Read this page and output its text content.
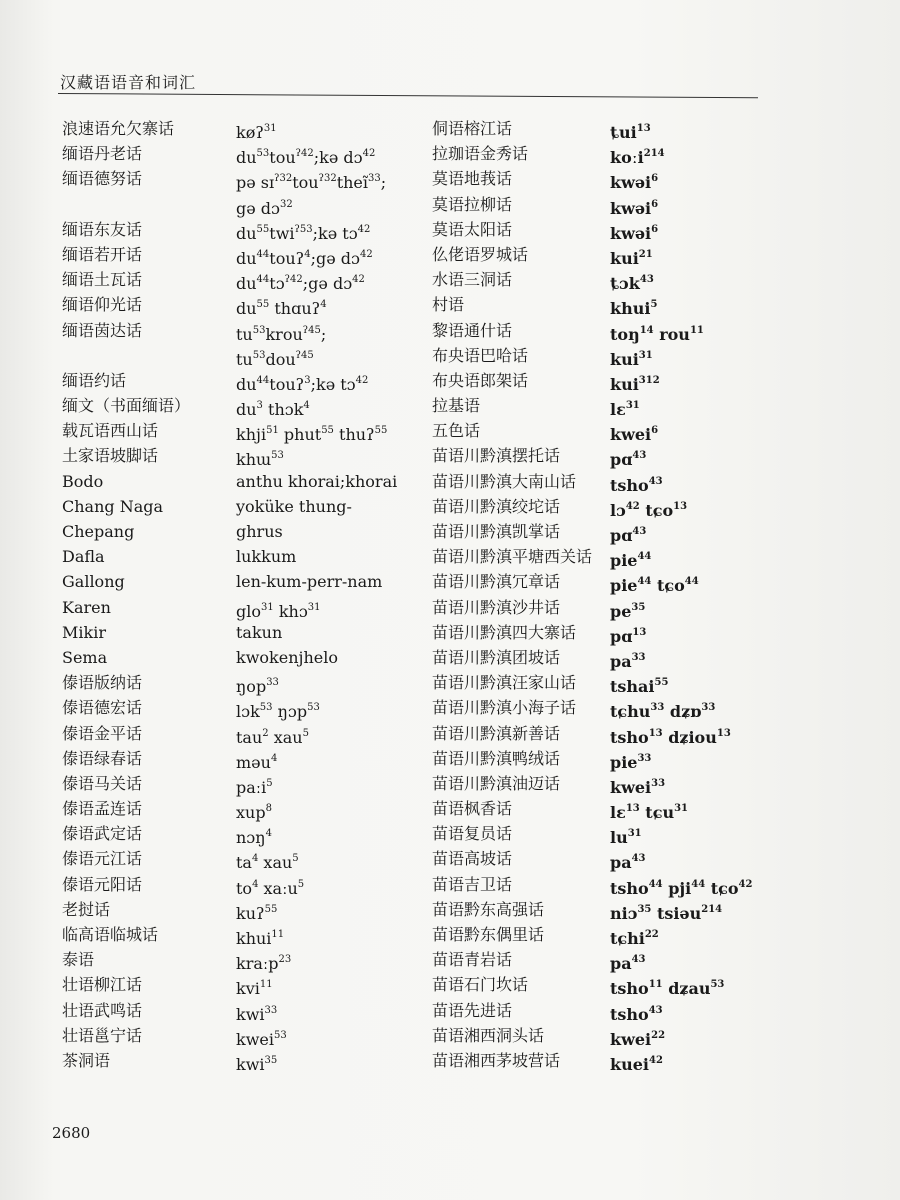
汉藏语语音和词汇
浪速语允欠寨话	køʔ$^{31}$
缅语丹老话	$du^{53}tou^{ʔ42};kə$ dɔ$^{42}$
缅语德努话	pə sɪ$^{ʔ32}$tou$^{ʔ32}$theĩ$^{33}$;
gə dɔ$^{32}$
缅语东友话	$du^{55}twi^{ʔ53};kə$ tɔ$^{42}$
缅语若开话	$du^{44}touʔ^4;gə$ dɔ$^{42}$
缅语土瓦话	$du^{44}tɔ^{ʔ42};gə$ dɔ$^{42}$
缅语仰光话	$du^{55}$ thɑuʔ$^4$
缅语茵达话	$tu^{53}krou^{ʔ45}$;
$tu^{53}dou^{ʔ45}$
缅语约话	$du^{44}touʔ^3;kə$ tɔ$^{42}$
缅文（书面缅语）	$du^3$ thɔk$^4$
载瓦语西山话	khji$^{51}$ phut$^{55}$ thuʔ$^{55}$
土家语坡脚话	khɯ$^{53}$
Bodo	anthu khorai;khorai
Chang Naga	yoküke thung-
Chepang	ghrus
Dafla	lukkum
Gallong	len-kum-perr-nam
Karen	glo$^{31}$ khɔ$^{31}$
Mikir	takun
Sema	kwokenjhelo
傣语版纳话	ŋop$^{33}$
傣语德宏话	lɔk$^{53}$ ŋɔp$^{53}$
傣语金平话	tau$^2$ xau$^5$
傣语绿春话	məu$^4$
傣语马关话	paːi$^5$
傣语孟连话	xup$^8$
傣语武定话	nɔŋ$^4$
傣语元江话	$ta^4$ xau$^5$
傣语元阳话	$to^4$ xaːu$^5$
老挝话	kuʔ$^{55}$
临高语临城话	khui$^{11}$
泰语	kraːp$^{23}$
壮语柳江话	kvi$^{11}$
壮语武鸣话	kwi$^{33}$
壮语邕宁话	kwei$^{53}$
茶洞语	kwi$^{35}$
侗语榕江话	ȶui$^{13}$
拉珈语金秀话	koːi$^{214}$
莫语地莪话	kwəi$^6$
莫语拉柳话	kwəi$^6$
莫语太阳话	kwəi$^6$
仫佬语罗城话	kui$^{21}$
水语三洞话	ȶɔk$^{43}$
村语	khui$^5$
黎语通什话	toŋ$^{14}$ rou$^{11}$
布央语巴哈话	kui$^{31}$
布央语郎架话	kui$^{312}$
拉基语	lɛ$^{31}$
五色话	kwei$^6$
苗语川黔滇摆托话	pɑ$^{43}$
苗语川黔滇大南山话 tsho$^{43}$
苗语川黔滇绞坨话	lɔ$^{42}$ tɕo$^{13}$
苗语川黔滇凯掌话	pɑ$^{43}$
苗语川黔滇平塘西关话 pie$^{44}$
苗语川黔滇冗章话	pie$^{44}$ tɕo$^{44}$
苗语川黔滇沙井话	$pe^{35}$
苗语川黔滇四大寨话 pɑ$^{13}$
苗语川黔滇团坡话	$pa^{33}$
苗语川黔滇汪家山话 tshai$^{55}$
苗语川黔滇小海子话 tɕhu$^{33}$ dʑɒ$^{33}$
苗语川黔滇新善话	tsho$^{13}$ dʑiou$^{13}$
苗语川黔滇鸭绒话	pie$^{33}$
苗语川黔滇油迈话	kwei$^{33}$
苗语枫香话	lɛ$^{13}$ tɕu$^{31}$
苗语复员话	$lu^{31}$
苗语高坡话	$pa^{43}$
苗语吉卫话	tsho$^{44}$ pji$^{44}$ tɕo$^{42}$
苗语黔东高强话	niɔ$^{35}$ tsiəu$^{214}$
苗语黔东偶里话	tɕhi$^{22}$
苗语青岩话	$pa^{43}$
苗语石门坎话	tsho$^{11}$ dʑau$^{53}$
苗语先进话	tsho$^{43}$
苗语湘西洞头话	kwei$^{22}$
苗语湘西茅坡营话	kuei$^{42}$
2680
